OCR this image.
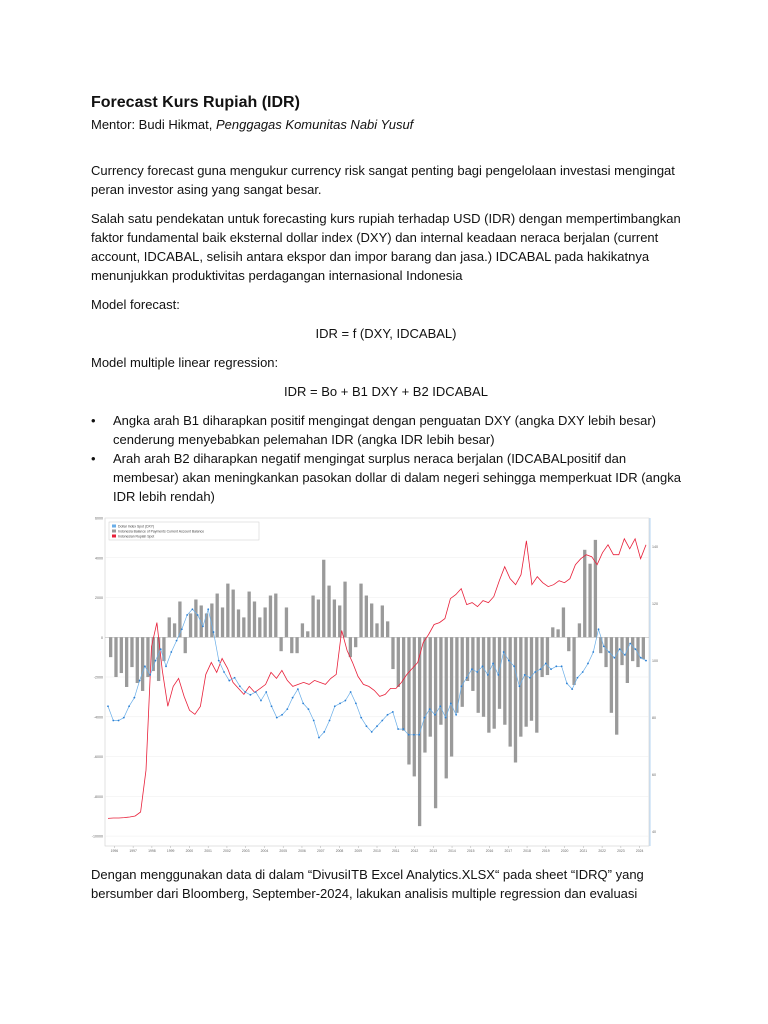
Forecast Kurs Rupiah (IDR)

Mentor: Budi Hikmat, Penggagas Komunitas Nabi Yusuf

Currency forecast guna mengukur currency risk sangat penting bagi pengelolaan investasi mengingat peran investor asing yang sangat besar.

Salah satu pendekatan untuk forecasting kurs rupiah terhadap USD (IDR) dengan mempertimbangkan faktor fundamental baik eksternal dollar index (DXY) dan internal keadaan neraca berjalan (current account, IDCABAL, selisih antara ekspor dan impor barang dan jasa.) IDCABAL pada hakikatnya menunjukkan produktivitas perdagangan internasional Indonesia

Model forecast:

IDR = f (DXY, IDCABAL)

Model multiple linear regression:

IDR = Bo + B1 DXY + B2 IDCABAL

• Angka arah B1 diharapkan positif mengingat dengan penguatan DXY (angka DXY lebih besar) cenderung menyebabkan pelemahan IDR (angka IDR lebih besar)
• Arah arah B2 diharapkan negatif mengingat surplus neraca berjalan (IDCABALpositif dan membesar) akan meningkankan pasokan dollar di dalam negeri sehingga memperkuat IDR (angka IDR lebih rendah)
6000
4000
2000
0
-2000
-4000
-6000
-8000
-10000
140
120
100
80
60
40
1996	1997	1998	1999	2000	2001	2002	2003	2004	2005	2006	2007	2008	2009	2010	2011	2012	2013	2014	2015	2016	2017	2018	2019	2020	2021	2022	2023	2024
Dollar Index Spot (DXY)
Indonesia Balance of Payments Current Account Balance
Indonesian Rupiah Spot

Dengan menggunakan data di dalam “DivusiITB Excel Analytics.XLSX“ pada sheet “IDRQ” yang bersumber dari Bloomberg, September-2024, lakukan analisis multiple regression dan evaluasi
